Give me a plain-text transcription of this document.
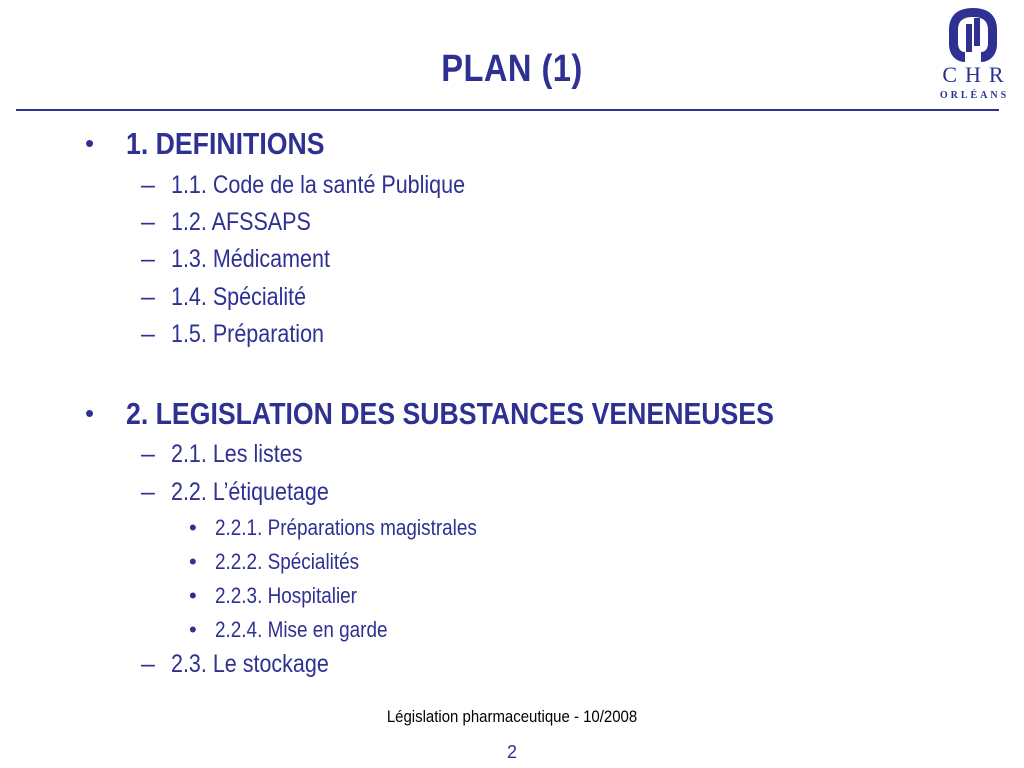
PLAN (1)	CHR
ORLÉANS
• 1. DEFINITIONS
– 1.1. Code de la santé Publique
– 1.2. AFSSAPS
– 1.3. Médicament
– 1.4. Spécialité
– 1.5. Préparation
• 2. LEGISLATION DES SUBSTANCES VENENEUSES
– 2.1. Les listes
– 2.2. L’étiquetage
• 2.2.1. Préparations magistrales
• 2.2.2. Spécialités
• 2.2.3. Hospitalier
• 2.2.4. Mise en garde
– 2.3. Le stockage
Législation pharmaceutique - 10/2008
2
